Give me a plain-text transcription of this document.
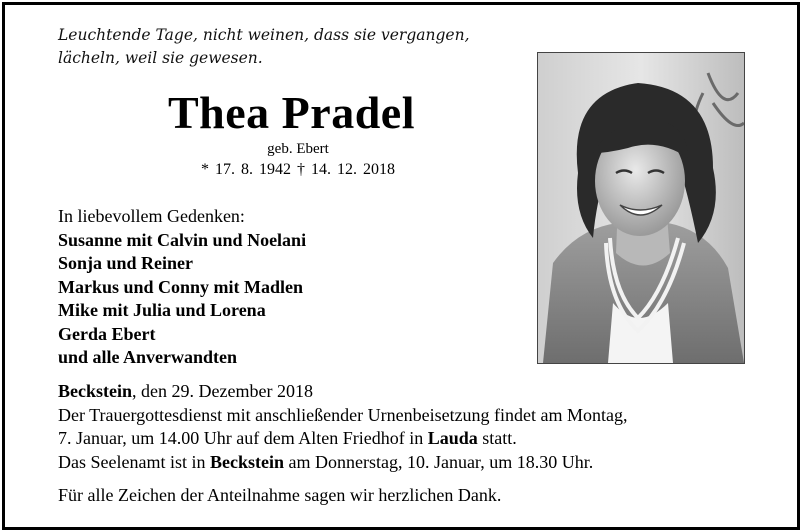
Leuchtende Tage, nicht weinen, dass sie vergangen,
lächeln, weil sie gewesen.
Thea Pradel
geb. Ebert
* 17. 8. 1942 † 14. 12. 2018
In liebevollem Gedenken:
Susanne mit Calvin und Noelani
Sonja und Reiner
Markus und Conny mit Madlen
Mike mit Julia und Lorena
Gerda Ebert
und alle Anverwandten
Beckstein, den 29. Dezember 2018
Der Trauergottesdienst mit anschließender Urnenbeisetzung findet am Montag,
7. Januar, um 14.00 Uhr auf dem Alten Friedhof in Lauda statt.
Das Seelenamt ist in Beckstein am Donnerstag, 10. Januar, um 18.30 Uhr.
Für alle Zeichen der Anteilnahme sagen wir herzlichen Dank.
